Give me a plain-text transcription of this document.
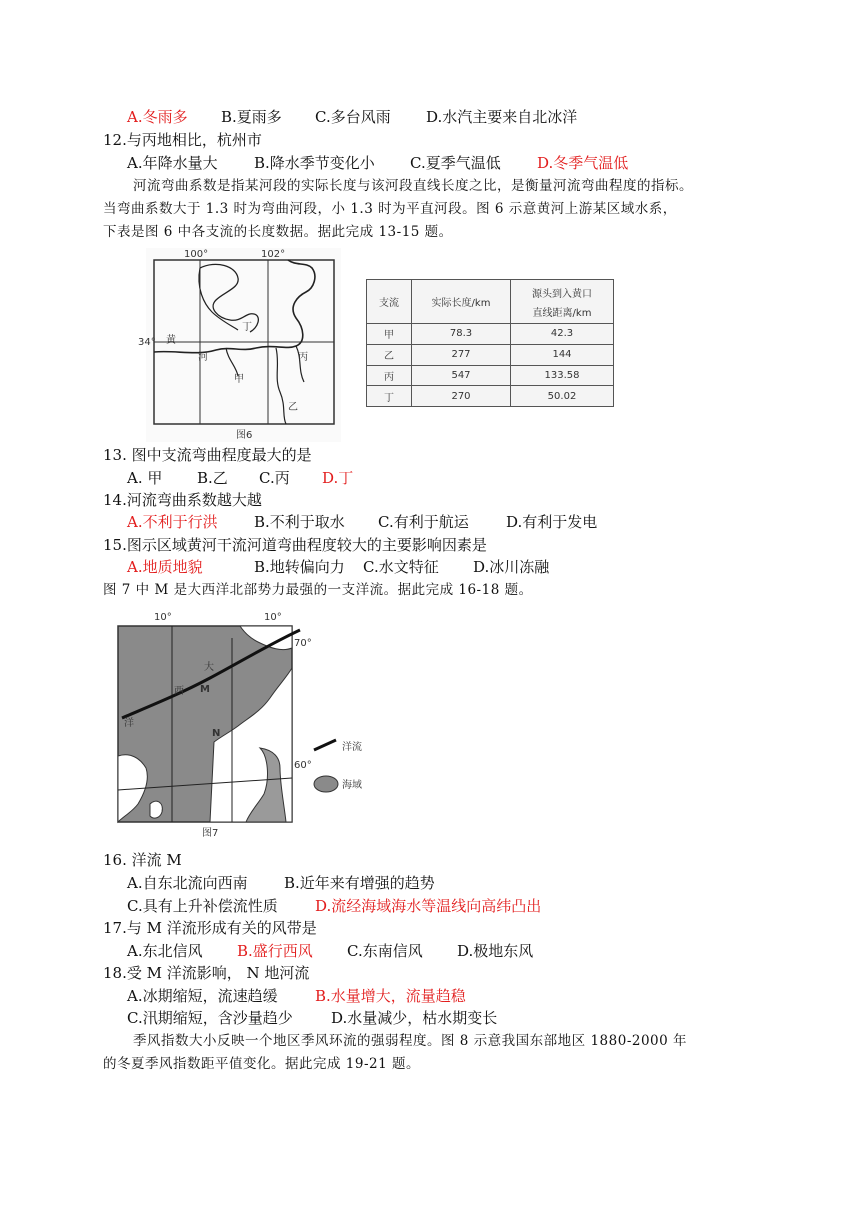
A.冬雨多 B.夏雨多 C.多台风雨 D.水汽主要来自北冰洋
12.与丙地相比，杭州市
A.年降水量大 B.降水季节变化小 C.夏季气温低 D.冬季气温低
河流弯曲系数是指某河段的实际长度与该河段直线长度之比，是衡量河流弯曲程度的指标。
当弯曲系数大于 1.3 时为弯曲河段，小 1.3 时为平直河段。图 6 示意黄河上游某区域水系，
下表是图 6 中各支流的长度数据。据此完成 13-15 题。
100°	102°
34° 黄
河
甲
乙
丙
丁
图6
支流	实际长度/km	源头到入黄口
直线距离/km

甲	78.3	42.3
乙	277	144
丙	547	133.58
丁	270	50.02
13. 图中支流弯曲程度最大的是
A. 甲 B.乙 C.丙 D.丁
14.河流弯曲系数越大越
A.不利于行洪 B.不利于取水 C.有利于航运 D.有利于发电
15.图示区域黄河干流河道弯曲程度较大的主要影响因素是
A.地质地貌	B.地转偏向力 C.水文特征 D.冰川冻融
图 7 中 M 是大西洋北部势力最强的一支洋流。据此完成 16-18 题。
10°	10°
大
西 M
洋
N
70°
60°
洋流
海域
图7
16. 洋流 M
A.自东北流向西南 B.近年来有增强的趋势
C.具有上升补偿流性质 D.流经海域海水等温线向高纬凸出
17.与 M 洋流形成有关的风带是
A.东北信风 B.盛行西风 C.东南信风 D.极地东风
18.受 M 洋流影响， N 地河流
A.冰期缩短，流速趋缓 B.水量增大，流量趋稳
C.汛期缩短，含沙量趋少	D.水量减少，枯水期变长
季风指数大小反映一个地区季风环流的强弱程度。图 8 示意我国东部地区 1880-2000 年
的冬夏季风指数距平值变化。据此完成 19-21 题。
